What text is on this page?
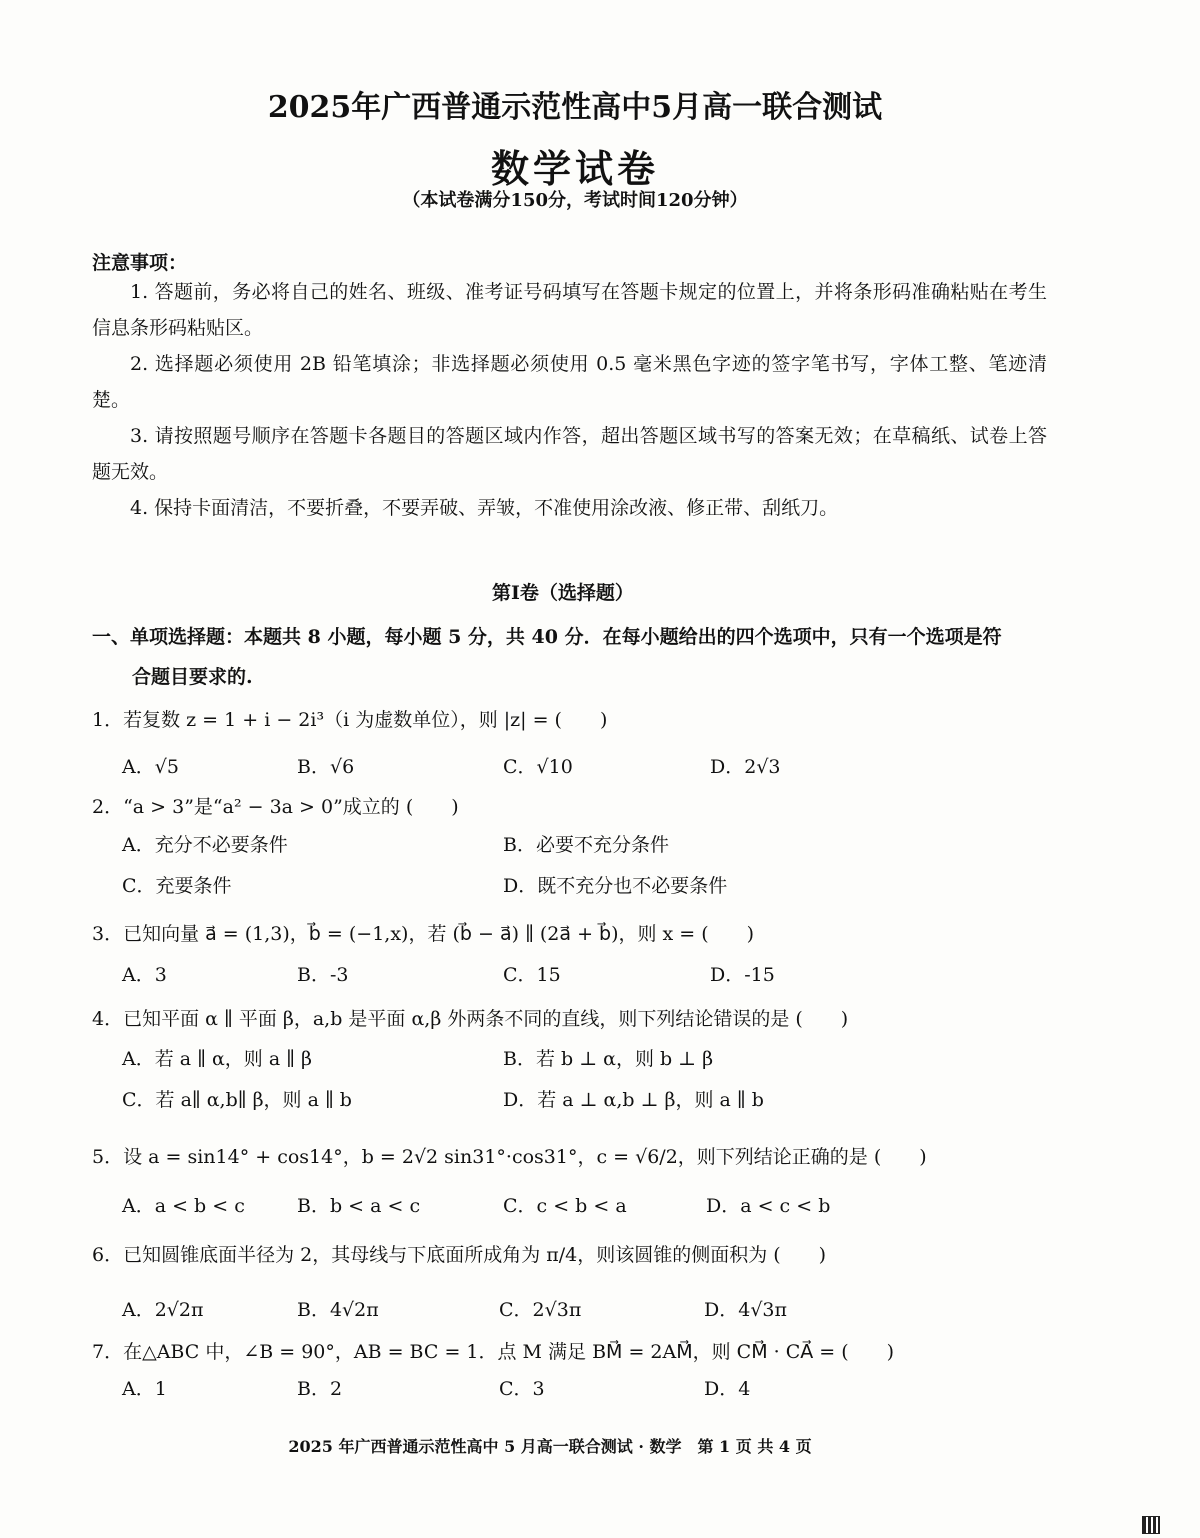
2025年广西普通示范性高中5月高一联合测试
数学试卷
（本试卷满分150分，考试时间120分钟）
注意事项：
1. 答题前，务必将自己的姓名、班级、准考证号码填写在答题卡规定的位置上，并将条形码准确粘贴在考生信息条形码粘贴区。
2. 选择题必须使用 2B 铅笔填涂；非选择题必须使用 0.5 毫米黑色字迹的签字笔书写，字体工整、笔迹清楚。
3. 请按照题号顺序在答题卡各题目的答题区域内作答，超出答题区域书写的答案无效；在草稿纸、试卷上答题无效。
4. 保持卡面清洁，不要折叠，不要弄破、弄皱，不准使用涂改液、修正带、刮纸刀。
第Ⅰ卷（选择题）
一、单项选择题：本题共 8 小题，每小题 5 分，共 40 分．在每小题给出的四个选项中，只有一个选项是符
合题目要求的.
1．若复数 z = 1 + i − 2i³（i 为虚数单位），则 |z| = (　　)
A．√5	B．√6	C．√10	D．2√3
2．“a > 3”是“a² − 3a > 0”成立的 (　　)
A．充分不必要条件	B．必要不充分条件
C．充要条件	D．既不充分也不必要条件
3．已知向量 a⃗ = (1,3)，b⃗ = (−1,x)，若 (b⃗ − a⃗) ∥ (2a⃗ + b⃗)，则 x = (　　)
A．3	B．-3	C．15	D．-15
4．已知平面 α ∥ 平面 β，a,b 是平面 α,β 外两条不同的直线，则下列结论错误的是 (　　)
A．若 a ∥ α，则 a ∥ β	B．若 b ⊥ α，则 b ⊥ β
C．若 a∥ α,b∥ β，则 a ∥ b	D．若 a ⊥ α,b ⊥ β，则 a ∥ b
5．设 a = sin14° + cos14°，b = 2√2 sin31°·cos31°，c = √6/2，则下列结论正确的是 (　　)
A．a < b < c	B．b < a < c	C．c < b < a	D．a < c < b
6．已知圆锥底面半径为 2，其母线与下底面所成角为 π/4，则该圆锥的侧面积为 (　　)
A．2√2π	B．4√2π	C．2√3π	D．4√3π
7．在△ABC 中，∠B = 90°，AB = BC = 1．点 M 满足 BM⃗ = 2AM⃗，则 CM⃗ · CA⃗ = (　　)
A．1	B．2	C．3	D．4
2025 年广西普通示范性高中 5 月高一联合测试 · 数学　第 1 页 共 4 页
